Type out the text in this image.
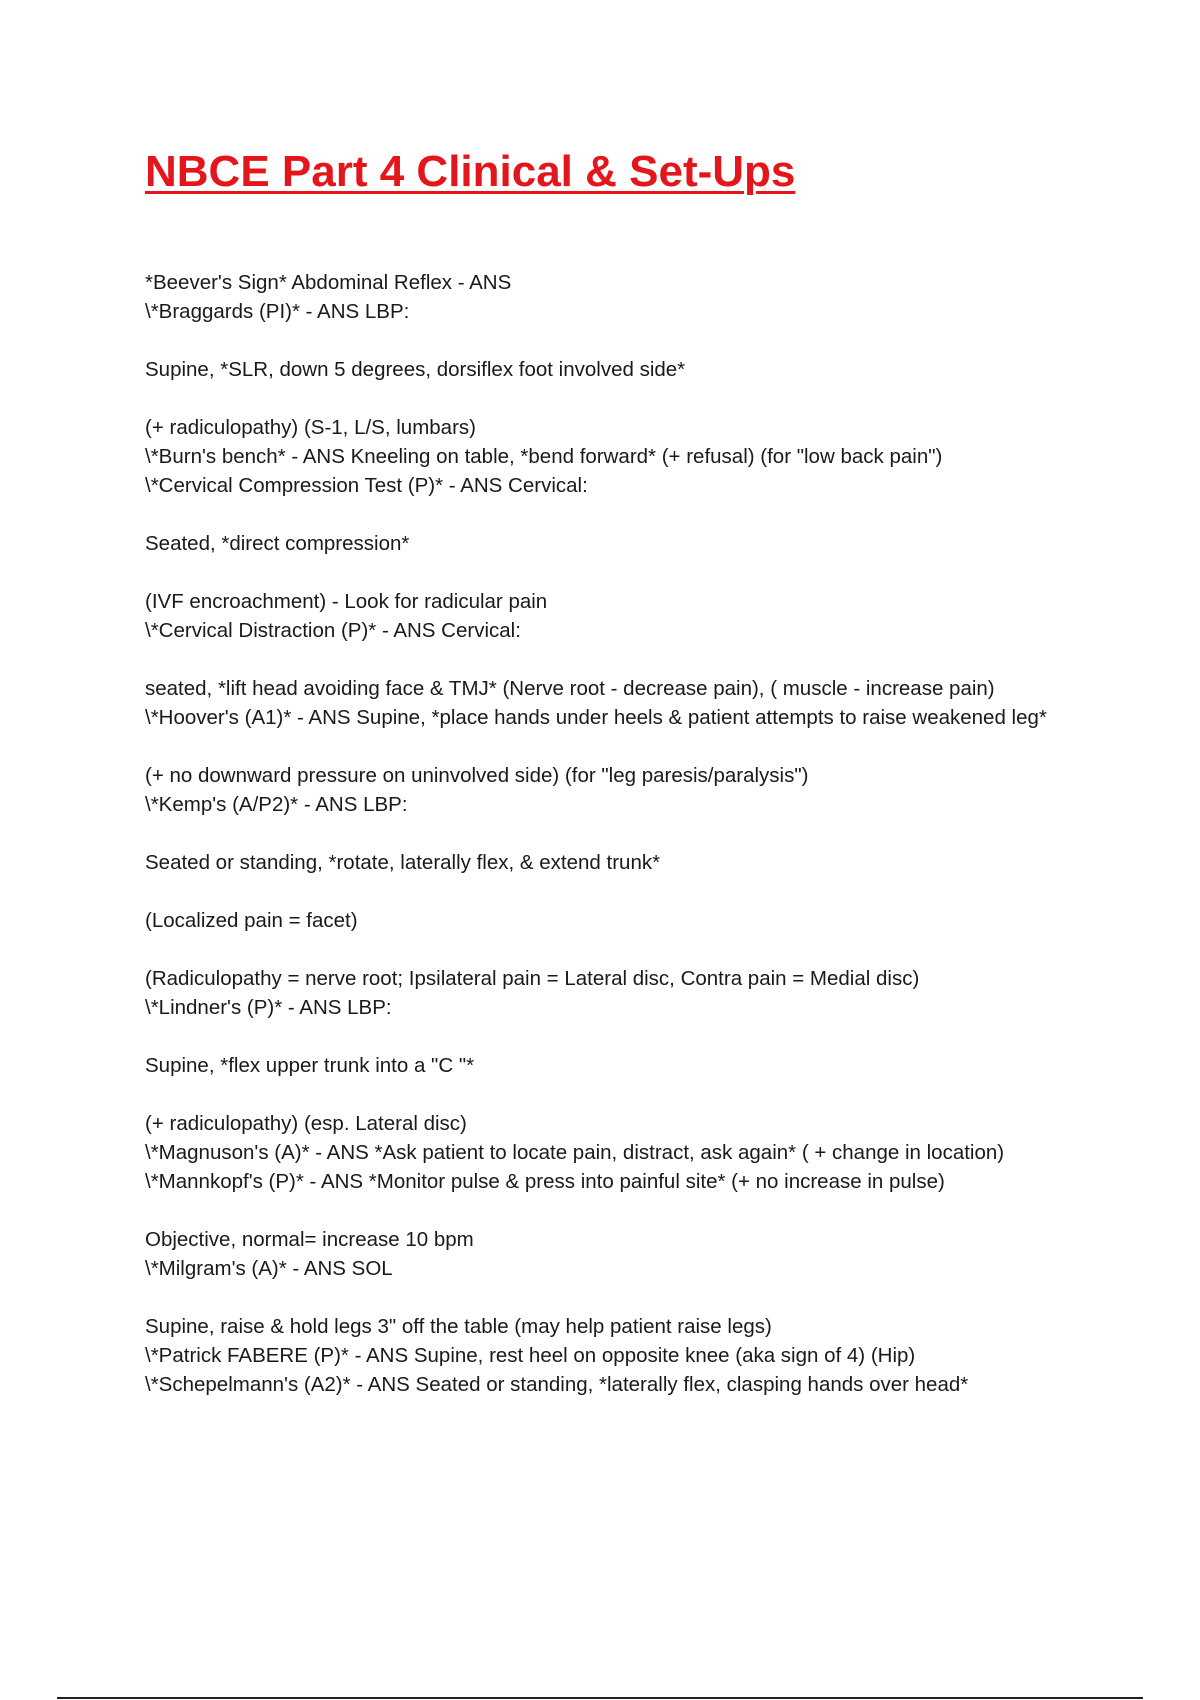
NBCE Part 4 Clinical & Set-Ups

*Beever's Sign* Abdominal Reflex - ANS
\*Braggards (PI)* - ANS LBP:

Supine, *SLR, down 5 degrees, dorsiflex foot involved side*

(+ radiculopathy) (S-1, L/S, lumbars)
\*Burn's bench* - ANS Kneeling on table, *bend forward* (+ refusal) (for "low back pain")
\*Cervical Compression Test (P)* - ANS Cervical:

Seated, *direct compression*

(IVF encroachment) - Look for radicular pain
\*Cervical Distraction (P)* - ANS Cervical:

seated, *lift head avoiding face & TMJ* (Nerve root - decrease pain), ( muscle - increase pain)
\*Hoover's (A1)* - ANS Supine, *place hands under heels & patient attempts to raise weakened leg*

(+ no downward pressure on uninvolved side) (for "leg paresis/paralysis")
\*Kemp's (A/P2)* - ANS LBP:

Seated or standing, *rotate, laterally flex, & extend trunk*

(Localized pain = facet)

(Radiculopathy = nerve root; Ipsilateral pain = Lateral disc, Contra pain = Medial disc)
\*Lindner's (P)* - ANS LBP:

Supine, *flex upper trunk into a "C "*

(+ radiculopathy) (esp. Lateral disc)
\*Magnuson's (A)* - ANS *Ask patient to locate pain, distract, ask again* ( + change in location)
\*Mannkopf's (P)* - ANS *Monitor pulse & press into painful site* (+ no increase in pulse)

Objective, normal= increase 10 bpm
\*Milgram's (A)* - ANS SOL

Supine, raise & hold legs 3" off the table (may help patient raise legs)
\*Patrick FABERE (P)* - ANS Supine, rest heel on opposite knee (aka sign of 4) (Hip)
\*Schepelmann's (A2)* - ANS Seated or standing, *laterally flex, clasping hands over head*
